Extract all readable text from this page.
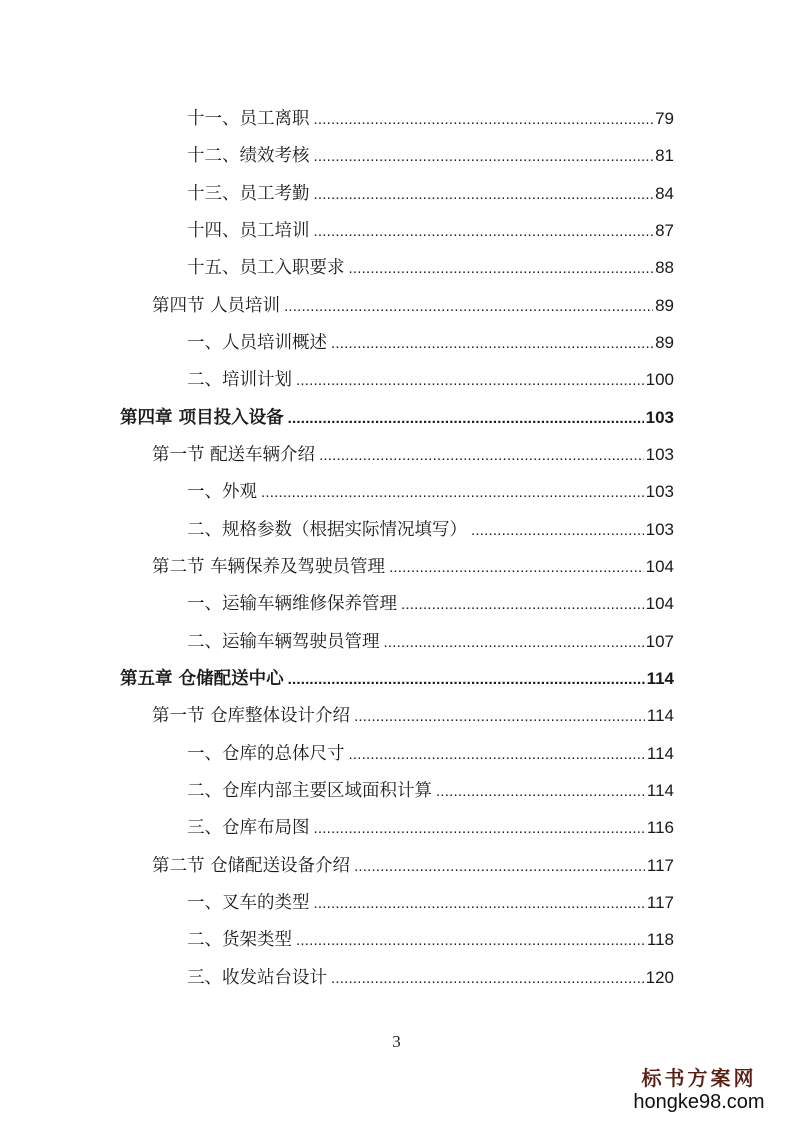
十一、员工离职 .....	79
十二、绩效考核 .....	81
十三、员工考勤 .....	84
十四、员工培训 .....	87
十五、员工入职要求 .....	88
第四节 人员培训 .....	89
一、人员培训概述 .....	89
二、培训计划 .....	100
第四章 项目投入设备 .....	103
第一节 配送车辆介绍 .....	103
一、外观 .....	103
二、规格参数（根据实际情况填写） .....	103
第二节 车辆保养及驾驶员管理 .....	104
一、运输车辆维修保养管理 .....	104
二、运输车辆驾驶员管理 .....	107
第五章 仓储配送中心 .....	114
第一节 仓库整体设计介绍 .....	114
一、仓库的总体尺寸 .....	114
二、仓库内部主要区域面积计算 .....	114
三、仓库布局图 .....	116
第二节 仓储配送设备介绍 .....	117
一、叉车的类型 .....	117
二、货架类型 .....	118
三、收发站台设计 .....	120
3
标书方案网
hongke98.com
